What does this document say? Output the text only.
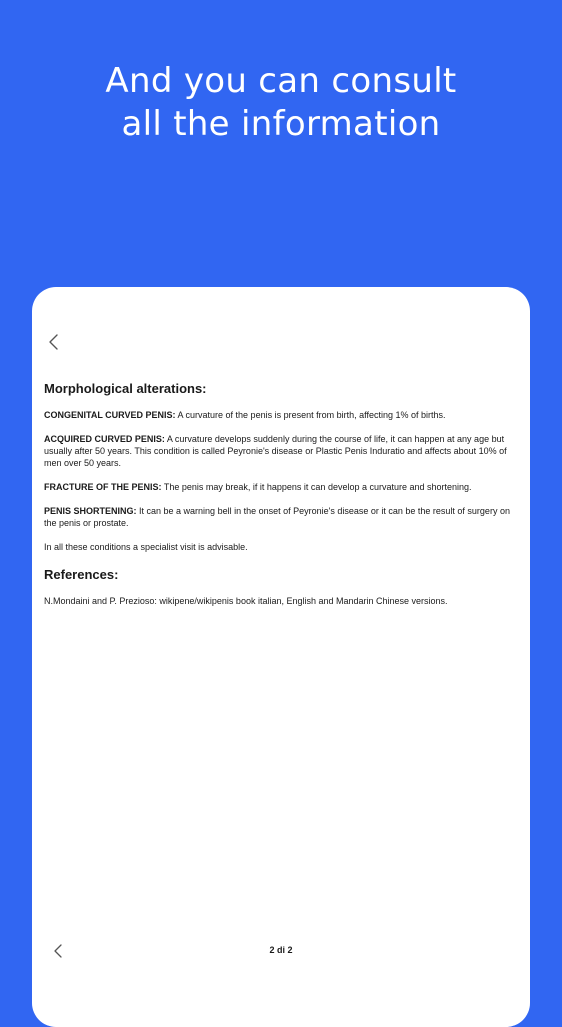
And you can consult
all the information
Morphological alterations:

CONGENITAL CURVED PENIS: A curvature of the penis is present from birth, affecting 1% of births.

ACQUIRED CURVED PENIS: A curvature develops suddenly during the course of life, it can happen at any age but usually after 50 years. This condition is called Peyronie's disease or Plastic Penis Induratio and affects about 10% of men over 50 years.

FRACTURE OF THE PENIS: The penis may break, if it happens it can develop a curvature and shortening.

PENIS SHORTENING: It can be a warning bell in the onset of Peyronie's disease or it can be the result of surgery on the penis or prostate.

In all these conditions a specialist visit is advisable.

References:

N.Mondaini and P. Prezioso: wikipene/wikipenis book italian, English and Mandarin Chinese versions.

2 di 2
